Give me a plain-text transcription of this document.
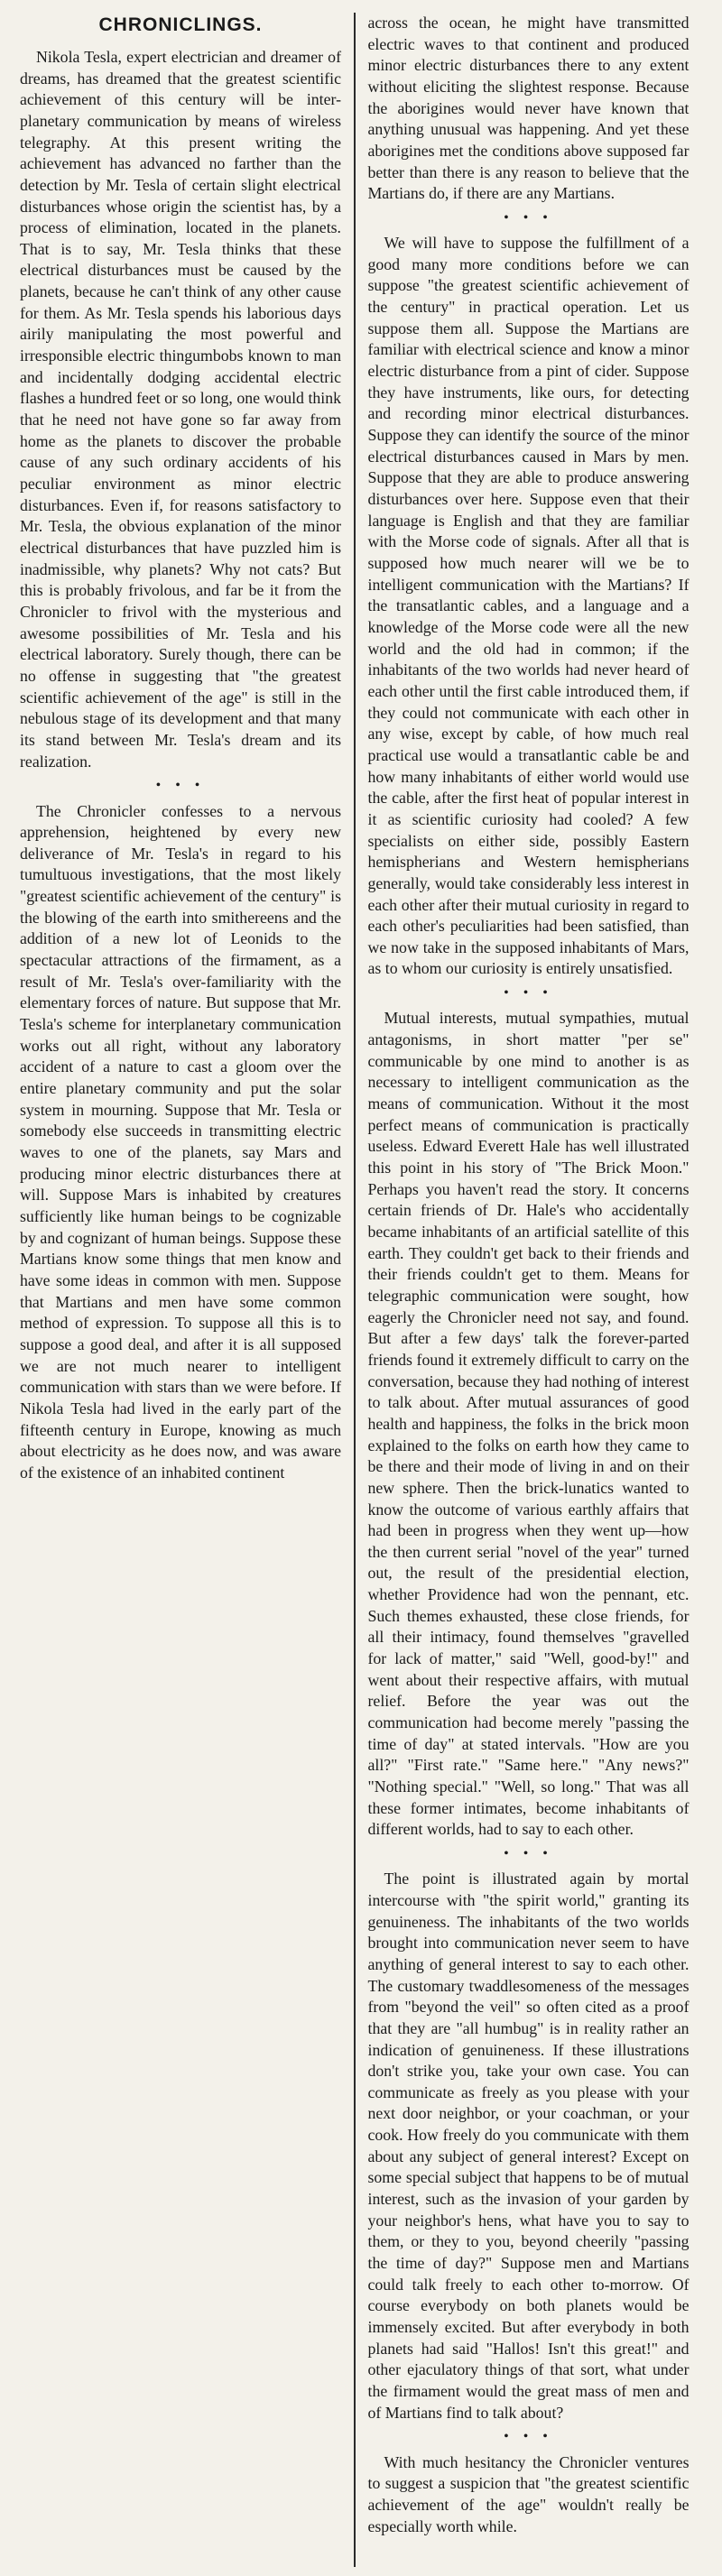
CHRONICLINGS.

Nikola Tesla, expert electrician and dreamer of dreams, has dreamed that the greatest scientific achievement of this century will be inter-planetary communication by means of wireless telegraphy. At this present writing the achievement has advanced no farther than the detection by Mr. Tesla of certain slight electrical disturbances whose origin the scientist has, by a process of elimination, located in the planets. That is to say, Mr. Tesla thinks that these electrical disturbances must be caused by the planets, because he can't think of any other cause for them. As Mr. Tesla spends his laborious days airily manipulating the most powerful and irresponsible electric thingumbobs known to man and incidentally dodging accidental electric flashes a hundred feet or so long, one would think that he need not have gone so far away from home as the planets to discover the probable cause of any such ordinary accidents of his peculiar environment as minor electric disturbances. Even if, for reasons satisfactory to Mr. Tesla, the obvious explanation of the minor electrical disturbances that have puzzled him is inadmissible, why planets? Why not cats? But this is probably frivolous, and far be it from the Chronicler to frivol with the mysterious and awesome possibilities of Mr. Tesla and his electrical laboratory. Surely though, there can be no offense in suggesting that "the greatest scientific achievement of the age" is still in the nebulous stage of its development and that many its stand between Mr. Tesla's dream and its realization.

• • •

The Chronicler confesses to a nervous apprehension, heightened by every new deliverance of Mr. Tesla's in regard to his tumultuous investigations, that the most likely "greatest scientific achievement of the century" is the blowing of the earth into smithereens and the addition of a new lot of Leonids to the spectacular attractions of the firmament, as a result of Mr. Tesla's over-familiarity with the elementary forces of nature. But suppose that Mr. Tesla's scheme for interplanetary communication works out all right, without any laboratory accident of a nature to cast a gloom over the entire planetary community and put the solar system in mourning. Suppose that Mr. Tesla or somebody else succeeds in transmitting electric waves to one of the planets, say Mars and producing minor electric disturbances there at will. Suppose Mars is inhabited by creatures sufficiently like human beings to be cognizable by and cognizant of human beings. Suppose these Martians know some things that men know and have some ideas in common with men. Suppose that Martians and men have some common method of expression. To suppose all this is to suppose a good deal, and after it is all supposed we are not much nearer to intelligent communication with stars than we were before. If Nikola Tesla had lived in the early part of the fifteenth century in Europe, knowing as much about electricity as he does now, and was aware of the existence of an inhabited continent

across the ocean, he might have transmitted electric waves to that continent and produced minor electric disturbances there to any extent without eliciting the slightest response. Because the aborigines would never have known that anything unusual was happening. And yet these aborigines met the conditions above supposed far better than there is any reason to believe that the Martians do, if there are any Martians.

• • •

We will have to suppose the fulfillment of a good many more conditions before we can suppose "the greatest scientific achievement of the century" in practical operation. Let us suppose them all. Suppose the Martians are familiar with electrical science and know a minor electric disturbance from a pint of cider. Suppose they have instruments, like ours, for detecting and recording minor electrical disturbances. Suppose they can identify the source of the minor electrical disturbances caused in Mars by men. Suppose that they are able to produce answering disturbances over here. Suppose even that their language is English and that they are familiar with the Morse code of signals. After all that is supposed how much nearer will we be to intelligent communication with the Martians? If the transatlantic cables, and a language and a knowledge of the Morse code were all the new world and the old had in common; if the inhabitants of the two worlds had never heard of each other until the first cable introduced them, if they could not communicate with each other in any wise, except by cable, of how much real practical use would a transatlantic cable be and how many inhabitants of either world would use the cable, after the first heat of popular interest in it as scientific curiosity had cooled? A few specialists on either side, possibly Eastern hemispherians and Western hemispherians generally, would take considerably less interest in each other after their mutual curiosity in regard to each other's peculiarities had been satisfied, than we now take in the supposed inhabitants of Mars, as to whom our curiosity is entirely unsatisfied.

• • •

Mutual interests, mutual sympathies, mutual antagonisms, in short matter "per se" communicable by one mind to another is as necessary to intelligent communication as the means of communication. Without it the most perfect means of communication is practically useless. Edward Everett Hale has well illustrated this point in his story of "The Brick Moon." Perhaps you haven't read the story. It concerns certain friends of Dr. Hale's who accidentally became inhabitants of an artificial satellite of this earth. They couldn't get back to their friends and their friends couldn't get to them. Means for telegraphic communication were sought, how eagerly the Chronicler need not say, and found. But after a few days' talk the forever-parted friends found it extremely difficult to carry on the conversation, because they had nothing of interest to talk about. After mutual assurances of good health and happiness, the folks in the brick moon explained to the folks on earth how they came to be there and their mode of living in and on their new sphere. Then the brick-lunatics wanted to know the outcome of various earthly affairs that had been in progress when they went up—how the then current serial "novel of the year" turned out, the result of the presidential election, whether Providence had won the pennant, etc. Such themes exhausted, these close friends, for all their intimacy, found themselves "gravelled for lack of matter," said "Well, good-by!" and went about their respective affairs, with mutual relief. Before the year was out the communication had become merely "passing the time of day" at stated intervals. "How are you all?" "First rate." "Same here." "Any news?" "Nothing special." "Well, so long." That was all these former intimates, become inhabitants of different worlds, had to say to each other.

• • •

The point is illustrated again by mortal intercourse with "the spirit world," granting its genuineness. The inhabitants of the two worlds brought into communication never seem to have anything of general interest to say to each other. The customary twaddlesomeness of the messages from "beyond the veil" so often cited as a proof that they are "all humbug" is in reality rather an indication of genuineness. If these illustrations don't strike you, take your own case. You can communicate as freely as you please with your next door neighbor, or your coachman, or your cook. How freely do you communicate with them about any subject of general interest? Except on some special subject that happens to be of mutual interest, such as the invasion of your garden by your neighbor's hens, what have you to say to them, or they to you, beyond cheerily "passing the time of day?" Suppose men and Martians could talk freely to each other to-morrow. Of course everybody on both planets would be immensely excited. But after everybody in both planets had said "Hallos! Isn't this great!" and other ejaculatory things of that sort, what under the firmament would the great mass of men and of Martians find to talk about?

• • •

With much hesitancy the Chronicler ventures to suggest a suspicion that "the greatest scientific achievement of the age" wouldn't really be especially worth while.
